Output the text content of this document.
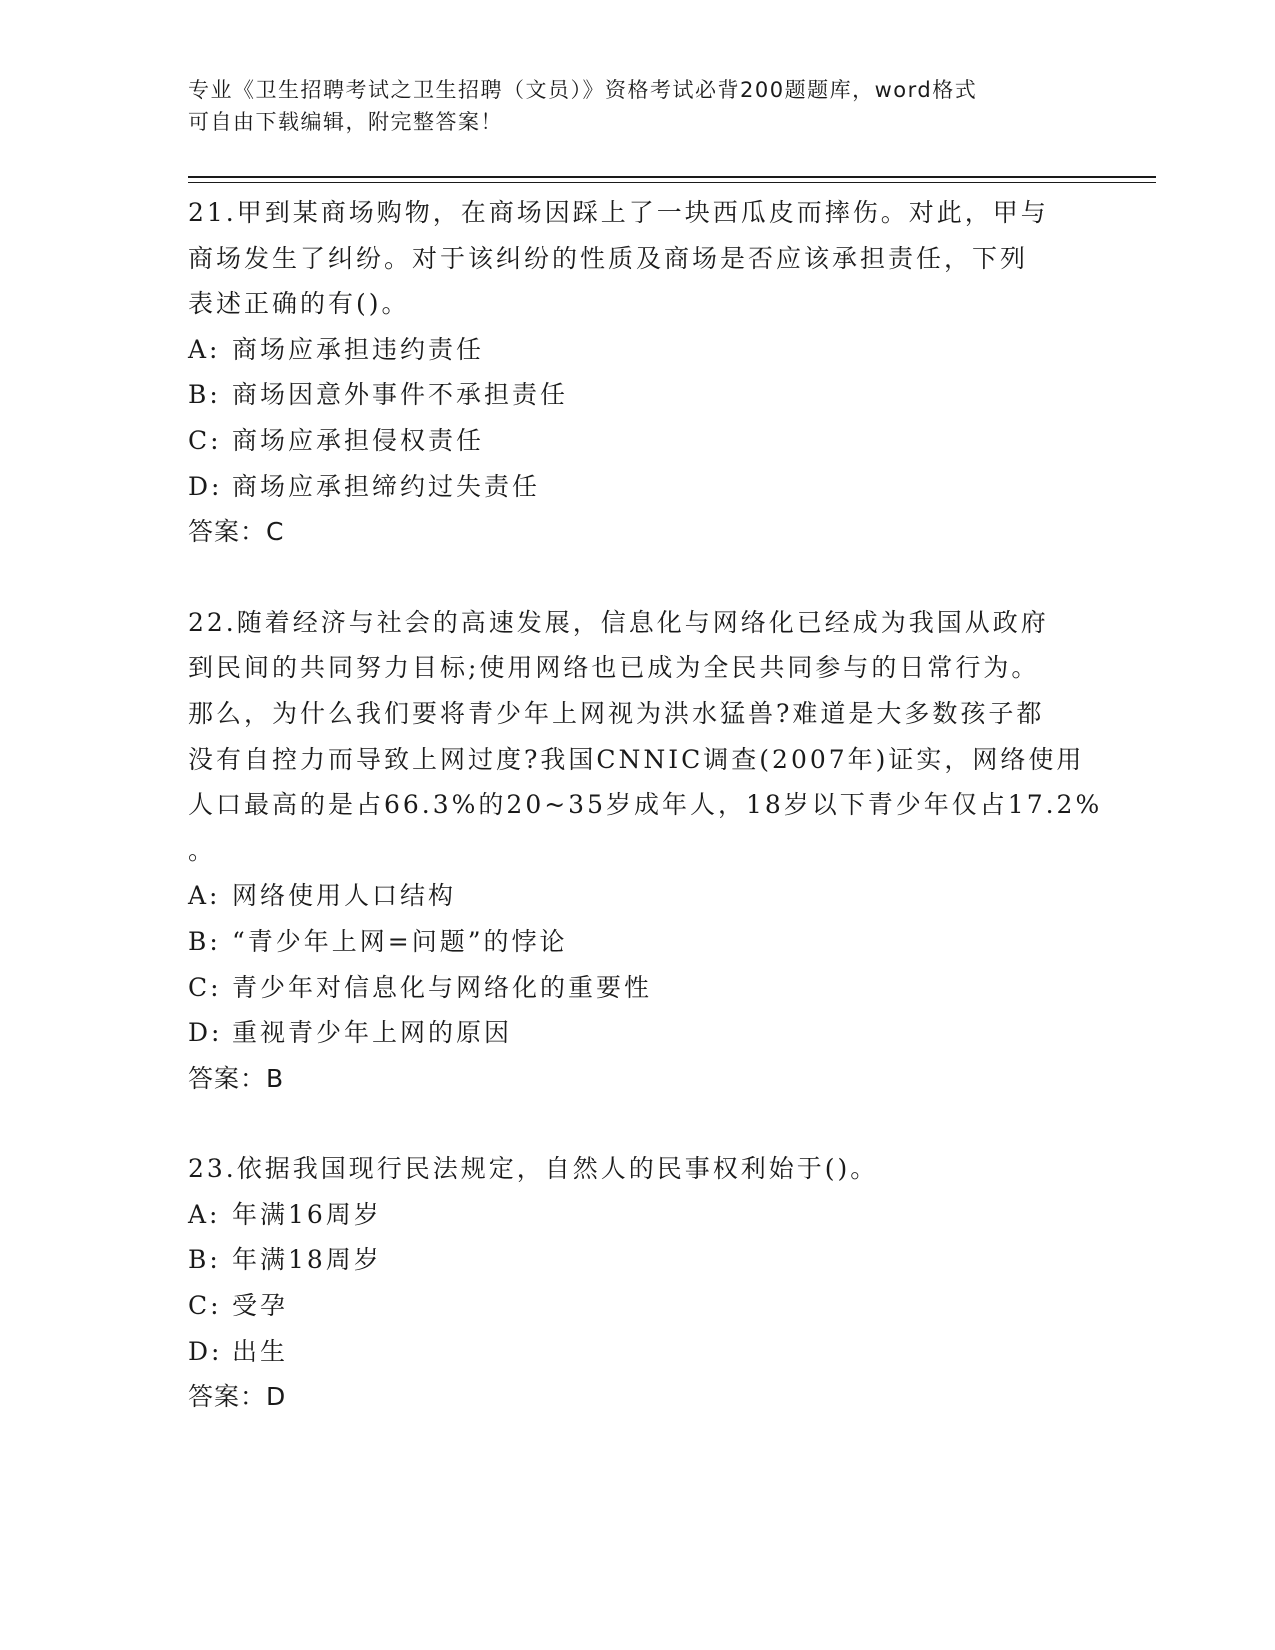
专业《卫生招聘考试之卫生招聘（文员）》资格考试必背200题题库，word格式
可自由下载编辑，附完整答案！
21.甲到某商场购物，在商场因踩上了一块西瓜皮而摔伤。对此，甲与
商场发生了纠纷。对于该纠纷的性质及商场是否应该承担责任，下列
表述正确的有()。
A: 商场应承担违约责任
B: 商场因意外事件不承担责任
C: 商场应承担侵权责任
D: 商场应承担缔约过失责任
答案：C
22.随着经济与社会的高速发展，信息化与网络化已经成为我国从政府
到民间的共同努力目标;使用网络也已成为全民共同参与的日常行为。
那么，为什么我们要将青少年上网视为洪水猛兽?难道是大多数孩子都
没有自控力而导致上网过度?我国CNNIC调查(2007年)证实，网络使用
人口最高的是占66.3%的20~35岁成年人，18岁以下青少年仅占17.2%
。
A: 网络使用人口结构
B: “青少年上网=问题”的悖论
C: 青少年对信息化与网络化的重要性
D: 重视青少年上网的原因
答案：B
23.依据我国现行民法规定，自然人的民事权利始于()。
A: 年满16周岁
B: 年满18周岁
C: 受孕
D: 出生
答案：D
